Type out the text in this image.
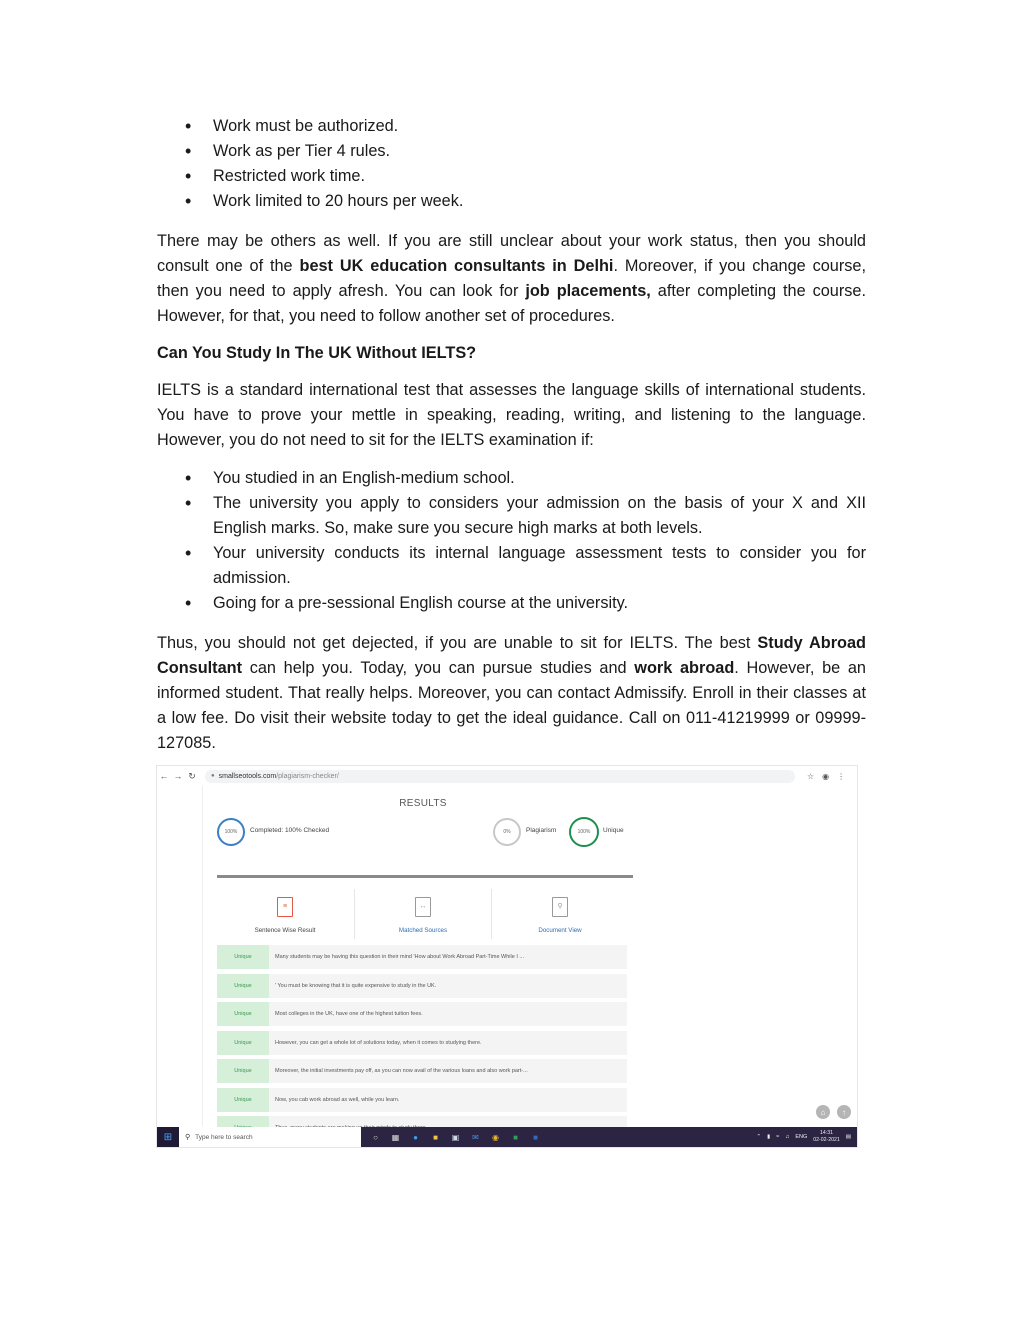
• Work must be authorized.
• Work as per Tier 4 rules.
• Restricted work time.
• Work limited to 20 hours per week.

There may be others as well. If you are still unclear about your work status, then you should consult one of the best UK education consultants in Delhi. Moreover, if you change course, then you need to apply afresh. You can look for job placements, after completing the course. However, for that, you need to follow another set of procedures.

Can You Study In The UK Without IELTS?

IELTS is a standard international test that assesses the language skills of international students. You have to prove your mettle in speaking, reading, writing, and listening to the language. However, you do not need to sit for the IELTS examination if:

• You studied in an English-medium school.
• The university you apply to considers your admission on the basis of your X and XII English marks. So, make sure you secure high marks at both levels.
• Your university conducts its internal language assessment tests to consider you for admission.
• Going for a pre-sessional English course at the university.

Thus, you should not get dejected, if you are unable to sit for IELTS. The best Study Abroad Consultant can help you. Today, you can pursue studies and work abroad. However, be an informed student. That really helps. Moreover, you can contact Admissify. Enroll in their classes at a low fee. Do visit their website today to get the ideal guidance. Call on 011-41219999 or 09999-127085.

← → ↻	● smallseotools.com /plagiarism-checker/	☆ ◉ ⋮
RESULTS
100% Completed: 100% Checked	0% Plagiarism	100% Unique
≡
Sentence Wise Result
↔
Matched Sources
⚲
Document View
Unique	Many students may be having this question in their mind 'How about Work Abroad Part-Time While I ...
Unique	' You must be knowing that it is quite expensive to study in the UK.
Unique	Most colleges in the UK, have one of the highest tuition fees.
Unique	However, you can get a whole lot of solutions today, when it comes to studying there.
Unique	Moreover, the initial investments pay off, as you can now avail of the various loans and also work part-...
Unique	Now, you cab work abroad as well, while you learn.
⌂	↑
⊞	⚲ Type here to search	○ ▦ ● ■ ▣ ✉ ◉ ■ ■	⌃ ▮ ≈ ♫ ENG
14:31
02-02-2021 ▤
